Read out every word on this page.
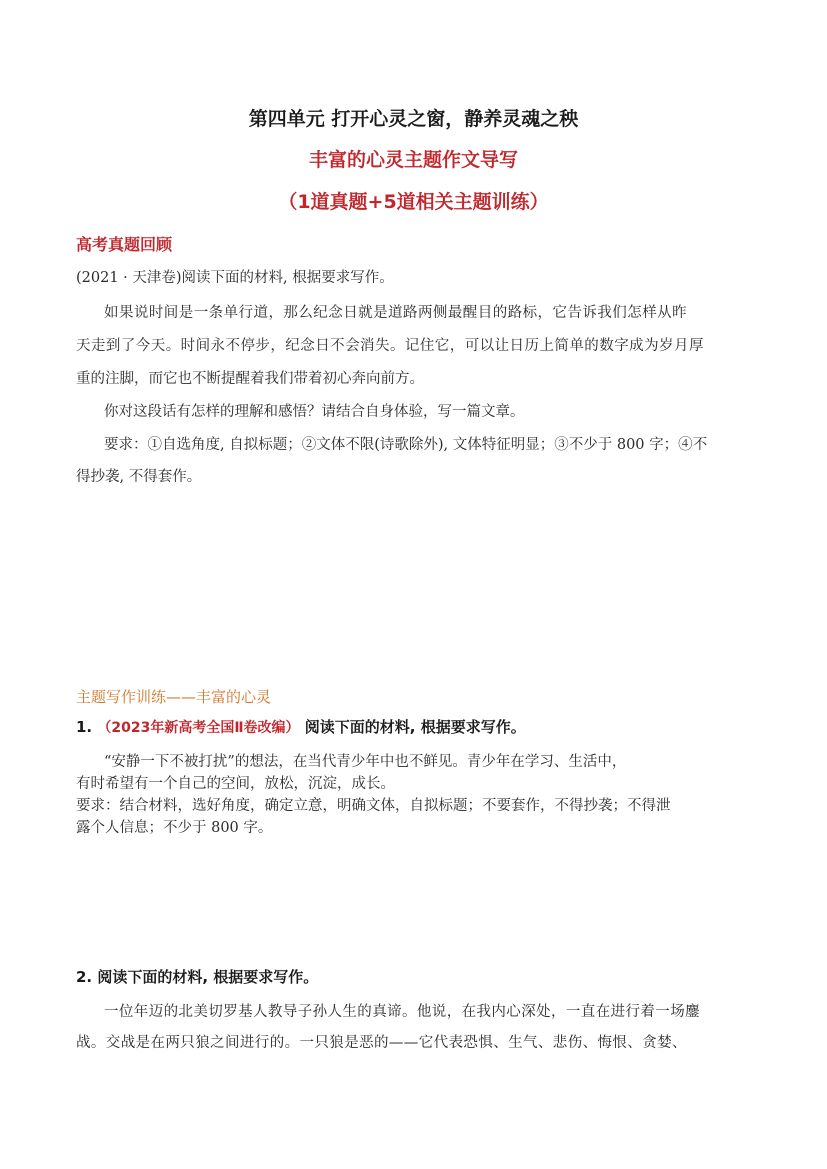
第四单元 打开心灵之窗，静养灵魂之秧
丰富的心灵主题作文导写
（1道真题+5道相关主题训练）
高考真题回顾

(2021 · 天津卷)阅读下面的材料, 根据要求写作。

如果说时间是一条单行道，那么纪念日就是道路两侧最醒目的路标，它告诉我们怎样从昨

天走到了今天。时间永不停步，纪念日不会消失。记住它，可以让日历上简单的数字成为岁月厚

重的注脚，而它也不断提醒着我们带着初心奔向前方。

你对这段话有怎样的理解和感悟？请结合自身体验，写一篇文章。

要求：①自选角度, 自拟标题；②文体不限(诗歌除外), 文体特征明显；③不少于 800 字；④不

得抄袭, 不得套作。

主题写作训练——丰富的心灵
1. （2023年新高考全国Ⅱ卷改编） 阅读下面的材料, 根据要求写作。

“安静一下不被打扰”的想法，在当代青少年中也不鲜见。青少年在学习、生活中，

有时希望有一个自己的空间，放松，沉淀，成长。

要求：结合材料，选好角度，确定立意，明确文体，自拟标题；不要套作，不得抄袭；不得泄

露个人信息；不少于 800 字。

2. 阅读下面的材料, 根据要求写作。

一位年迈的北美切罗基人教导子孙人生的真谛。他说，在我内心深处，一直在进行着一场鏖

战。交战是在两只狼之间进行的。一只狼是恶的——它代表恐惧、生气、悲伤、悔恨、贪婪、
